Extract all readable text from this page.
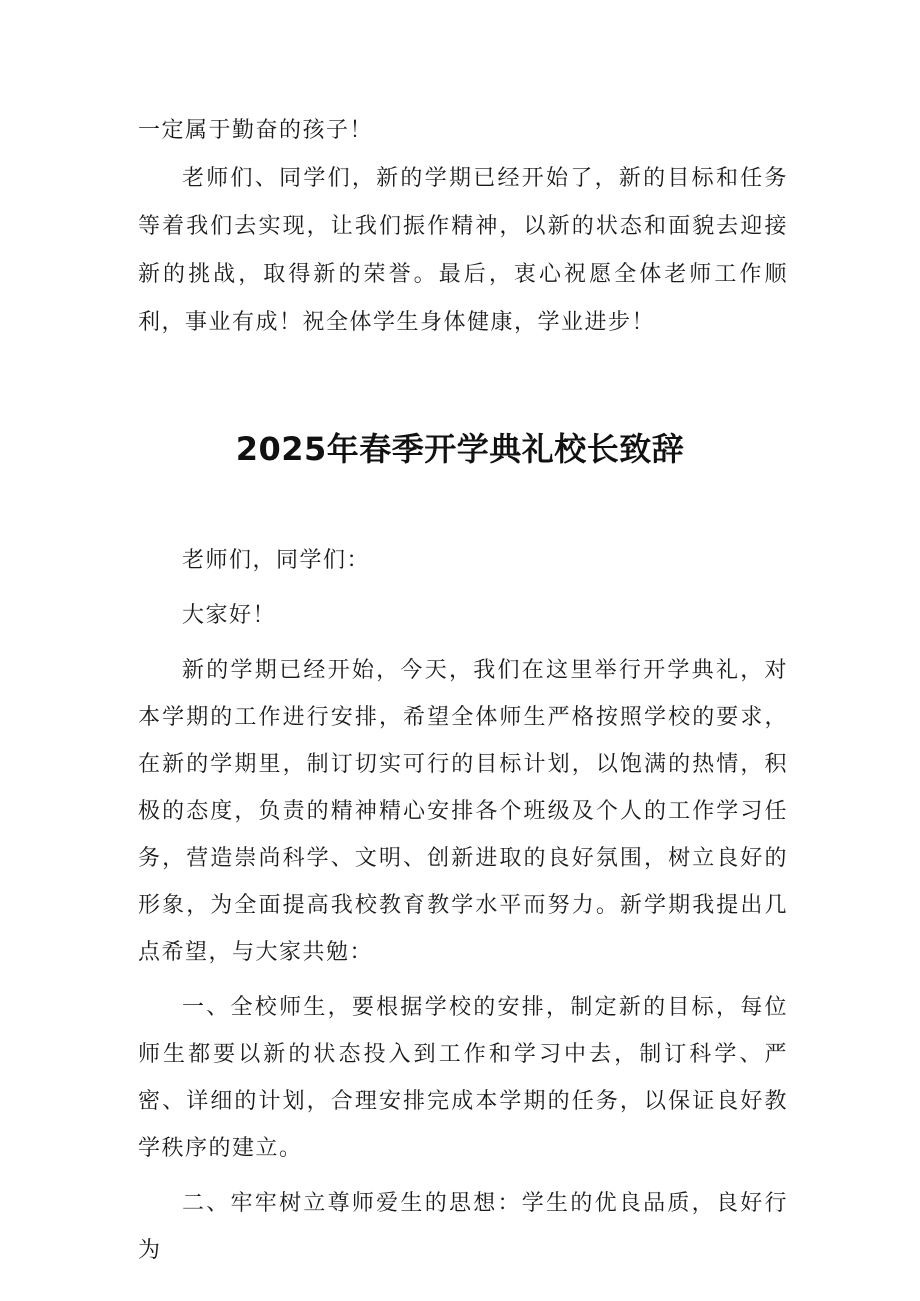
一定属于勤奋的孩子！

老师们、同学们，新的学期已经开始了，新的目标和任务等着我们去实现，让我们振作精神，以新的状态和面貌去迎接新的挑战，取得新的荣誉。最后，衷心祝愿全体老师工作顺利，事业有成！祝全体学生身体健康，学业进步！

2025年春季开学典礼校长致辞

老师们，同学们：

大家好！

新的学期已经开始，今天，我们在这里举行开学典礼，对本学期的工作进行安排，希望全体师生严格按照学校的要求，在新的学期里，制订切实可行的目标计划，以饱满的热情，积极的态度，负责的精神精心安排各个班级及个人的工作学习任务，营造崇尚科学、文明、创新进取的良好氛围，树立良好的形象，为全面提高我校教育教学水平而努力。新学期我提出几点希望，与大家共勉：

一、全校师生，要根据学校的安排，制定新的目标，每位师生都要以新的状态投入到工作和学习中去，制订科学、严密、详细的计划，合理安排完成本学期的任务，以保证良好教学秩序的建立。

二、牢牢树立尊师爱生的思想：学生的优良品质，良好行为
